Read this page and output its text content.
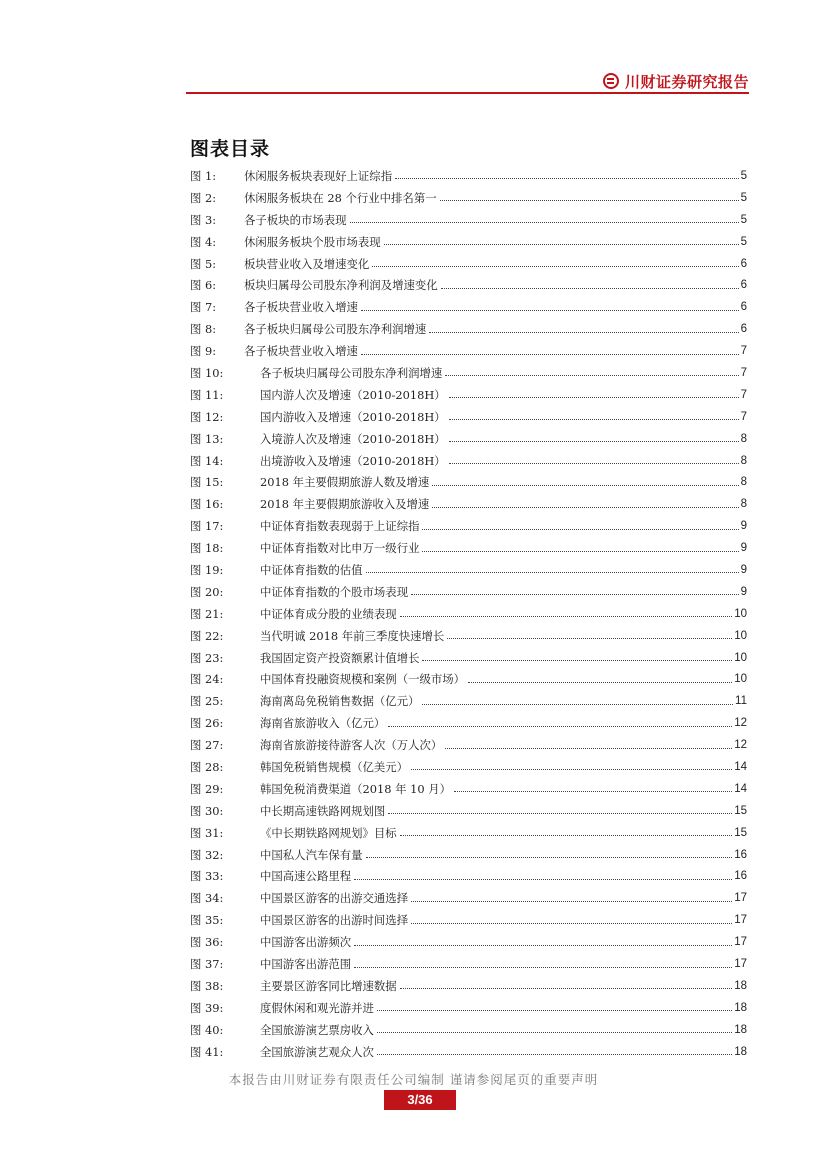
川财证券研究报告
图表目录
图 1:	休闲服务板块表现好上证综指	5
图 2:	休闲服务板块在 28 个行业中排名第一	5
图 3:	各子板块的市场表现	5
图 4:	休闲服务板块个股市场表现	5
图 5:	板块营业收入及增速变化	6
图 6:	板块归属母公司股东净利润及增速变化	6
图 7:	各子板块营业收入增速	6
图 8:	各子板块归属母公司股东净利润增速	6
图 9:	各子板块营业收入增速	7
图 10:	各子板块归属母公司股东净利润增速	7
图 11:	国内游人次及增速（2010-2018H）	7
图 12:	国内游收入及增速（2010-2018H）	7
图 13:	入境游人次及增速（2010-2018H）	8
图 14:	出境游收入及增速（2010-2018H）	8
图 15:	2018 年主要假期旅游人数及增速	8
图 16:	2018 年主要假期旅游收入及增速	8
图 17:	中证体育指数表现弱于上证综指	9
图 18:	中证体育指数对比申万一级行业	9
图 19:	中证体育指数的估值	9
图 20:	中证体育指数的个股市场表现	9
图 21:	中证体育成分股的业绩表现	10
图 22:	当代明诚 2018 年前三季度快速增长	10
图 23:	我国固定资产投资额累计值增长	10
图 24:	中国体育投融资规模和案例（一级市场）	10
图 25:	海南离岛免税销售数据（亿元）	11
图 26:	海南省旅游收入（亿元）	12
图 27:	海南省旅游接待游客人次（万人次）	12
图 28:	韩国免税销售规模（亿美元）	14
图 29:	韩国免税消费渠道（2018 年 10 月）	14
图 30:	中长期高速铁路网规划图	15
图 31:	《中长期铁路网规划》目标	15
图 32:	中国私人汽车保有量	16
图 33:	中国高速公路里程	16
图 34:	中国景区游客的出游交通选择	17
图 35:	中国景区游客的出游时间选择	17
图 36:	中国游客出游频次	17
图 37:	中国游客出游范围	17
图 38:	主要景区游客同比增速数据	18
图 39:	度假休闲和观光游并进	18
图 40:	全国旅游演艺票房收入	18
图 41:	全国旅游演艺观众人次	18
本报告由川财证券有限责任公司编制 谨请参阅尾页的重要声明
3/36
